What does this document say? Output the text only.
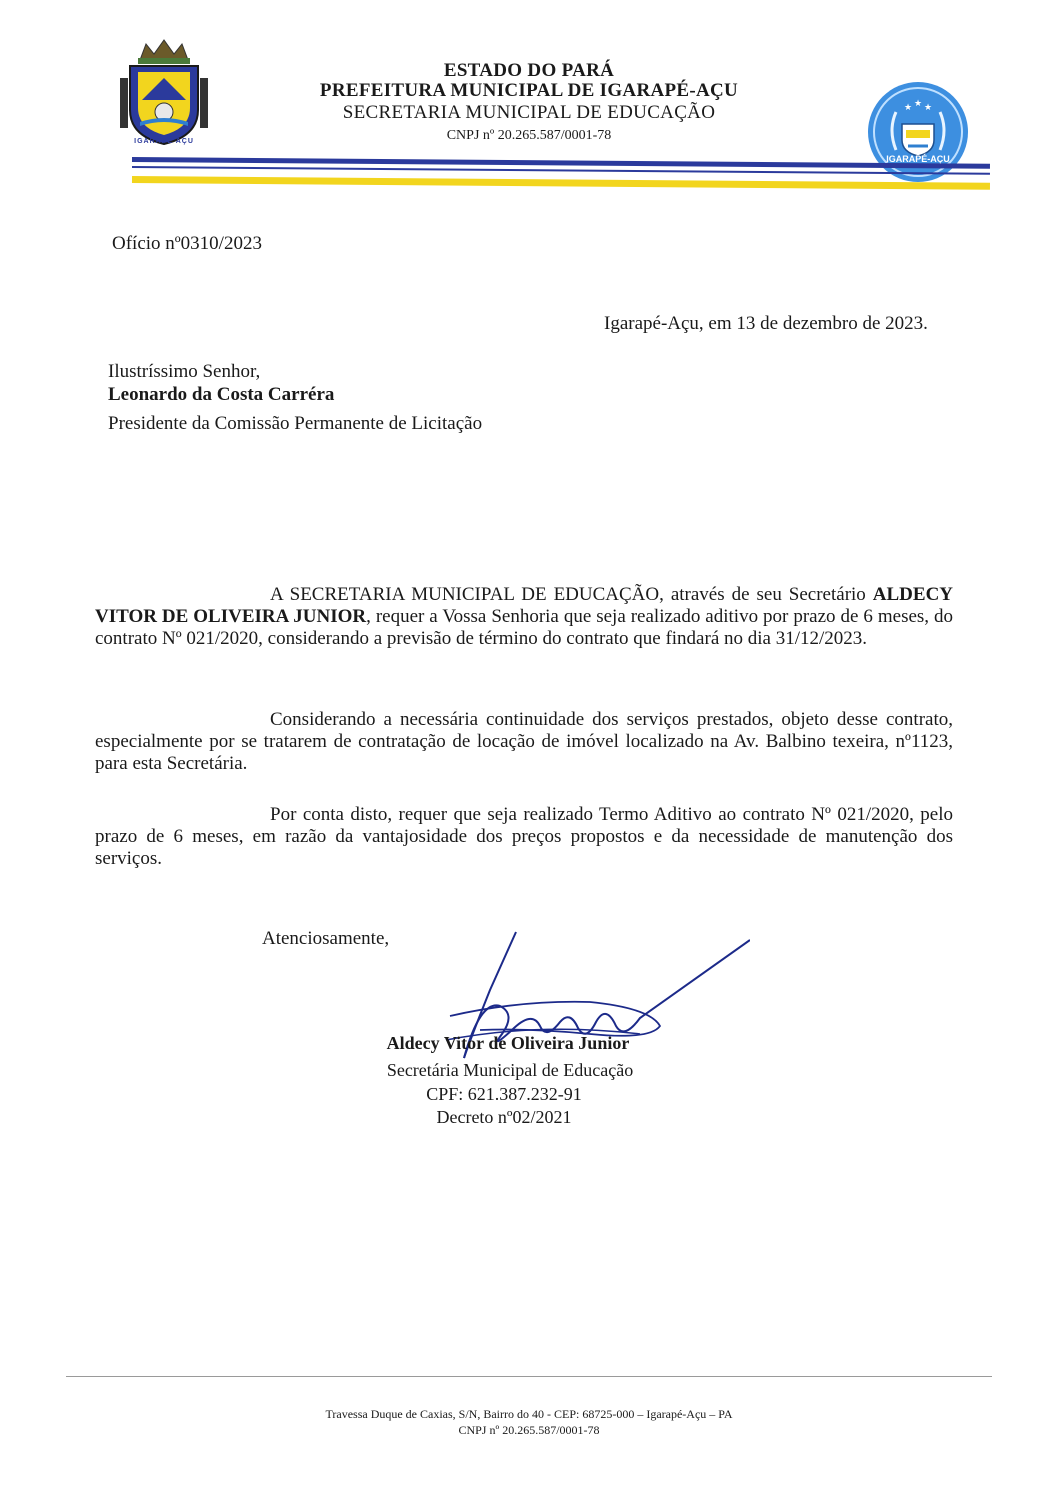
IGARAPÉ AÇU
ESTADO DO PARÁ
PREFEITURA MUNICIPAL DE IGARAPÉ-AÇU
SECRETARIA MUNICIPAL DE EDUCAÇÃO
CNPJ nº 20.265.587/0001-78
★ ★ ★
IGARAPÉ-AÇU
Ofício nº0310/2023
Igarapé-Açu, em 13 de dezembro de 2023.
Ilustríssimo Senhor,
Leonardo da Costa Carréra
Presidente da Comissão Permanente de Licitação
A SECRETARIA MUNICIPAL DE EDUCAÇÃO, através de seu Secretário ALDECY VITOR DE OLIVEIRA JUNIOR, requer a Vossa Senhoria que seja realizado aditivo por prazo de 6 meses, do contrato Nº 021/2020, considerando a previsão de término do contrato que findará no dia 31/12/2023.
Considerando a necessária continuidade dos serviços prestados, objeto desse contrato, especialmente por se tratarem de contratação de locação de imóvel localizado na Av. Balbino texeira, nº1123, para esta Secretária.
Por conta disto, requer que seja realizado Termo Aditivo ao contrato Nº 021/2020, pelo prazo de 6 meses, em razão da vantajosidade dos preços propostos e da necessidade de manutenção dos serviços.
Atenciosamente,
Aldecy Vitor de Oliveira Junior
Secretária Municipal de Educação
CPF: 621.387.232-91
Decreto nº02/2021
Travessa Duque de Caxias, S/N, Bairro do 40 - CEP: 68725-000 – Igarapé-Açu – PA
CNPJ nº 20.265.587/0001-78
